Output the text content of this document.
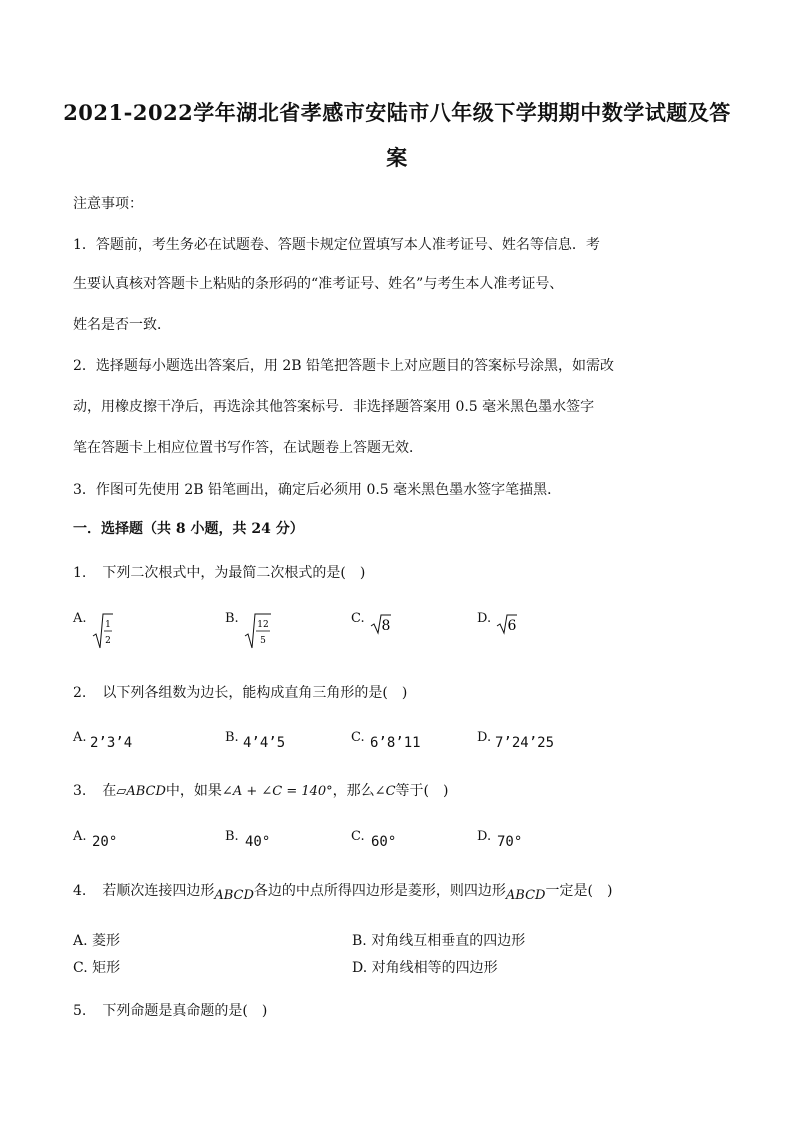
2021-2022学年湖北省孝感市安陆市八年级下学期期中数学试题及答
案
注意事项：
1．答题前，考生务必在试题卷、答题卡规定位置填写本人准考证号、姓名等信息．考
生要认真核对答题卡上粘贴的条形码的“准考证号、姓名”与考生本人准考证号、
姓名是否一致．
2．选择题每小题选出答案后，用 2B 铅笔把答题卡上对应题目的答案标号涂黑，如需改
动，用橡皮擦干净后，再选涂其他答案标号．非选择题答案用 0.5 毫米黑色墨水签字
笔在答题卡上相应位置书写作答，在试题卷上答题无效．
3．作图可先使用 2B 铅笔画出，确定后必须用 0.5 毫米黑色墨水签字笔描黑．
一．选择题（共 8 小题，共 24 分）
1. 下列二次根式中，为最简二次根式的是(　)
A. 1
2
B. 12
5
C. 8	D. 6
2. 以下列各组数为边长，能构成直角三角形的是(　)
A. 2’3’4	B. 4’4’5	C. 6’8’11	D. 7’24’25
3. 在▱ABCD中，如果∠A + ∠C = 140°，那么∠C等于(　)
A. 20°	B. 40°	C. 60°	D. 70°
4. 若顺次连接四边形ABCD各边的中点所得四边形是菱形，则四边形ABCD一定是(　)
A. 菱形	B. 对角线互相垂直的四边形
C. 矩形	D. 对角线相等的四边形
5. 下列命题是真命题的是(　)
